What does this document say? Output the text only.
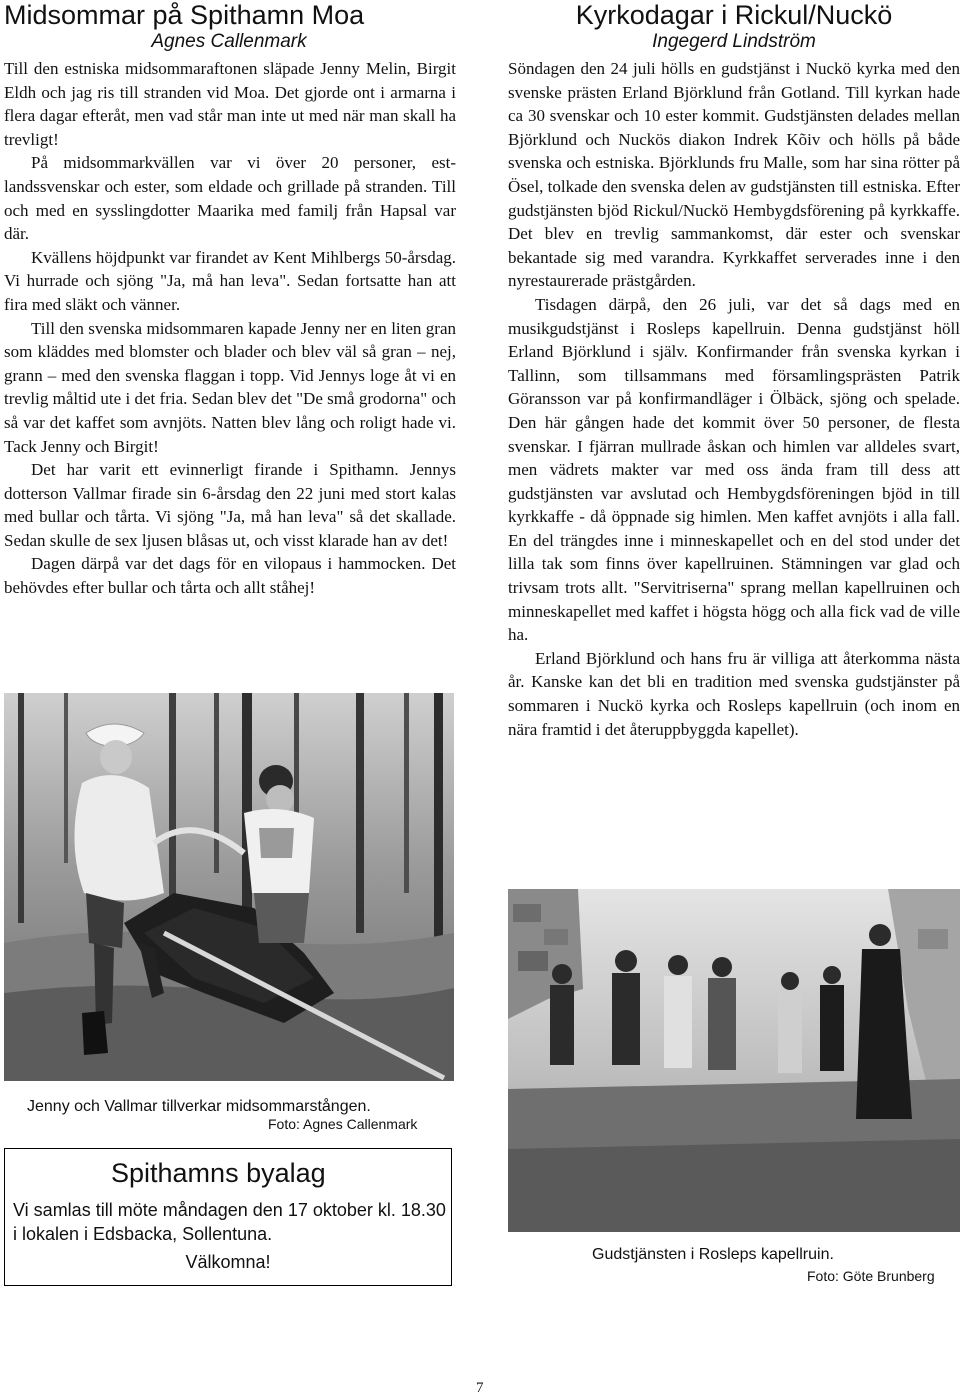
Midsommar på Spithamn Moa

Agnes Callenmark

Till den estniska midsommaraftonen släpade Jenny Melin, Birgit Eldh och jag ris till stranden vid Moa. Det gjorde ont i armarna i flera dagar efteråt, men vad står man inte ut med när man skall ha trevligt!

På midsommarkvällen var vi över 20 personer, estlandssvenskar och ester, som eldade och grillade på stranden. Till och med en sysslingdotter Maarika med familj från Hapsal var där.

Kvällens höjdpunkt var firandet av Kent Mihlbergs 50-årsdag. Vi hurrade och sjöng "Ja, må han leva". Sedan fortsatte han att fira med släkt och vänner.

Till den svenska midsommaren kapade Jenny ner en liten gran som kläddes med blomster och blader och blev väl så gran – nej, grann – med den svenska flaggan i topp. Vid Jennys loge åt vi en trevlig måltid ute i det fria. Sedan blev det "De små grodorna" och så var det kaffet som avnjöts. Natten blev lång och roligt hade vi. Tack Jenny och Birgit!

Det har varit ett evinnerligt firande i Spithamn. Jennys dotterson Vallmar firade sin 6-årsdag den 22 juni med stort kalas med bullar och tårta. Vi sjöng "Ja, må han leva" så det skallade. Sedan skulle de sex ljusen blåsas ut, och visst klarade han av det!

Dagen därpå var det dags för en vilopaus i hammocken. Det behövdes efter bullar och tårta och allt ståhej!

Jenny och Vallmar tillverkar midsommarstången.
Foto: Agnes Callenmark
Spithamns byalag
Vi samlas till möte måndagen den 17 oktober kl. 18.30 i lokalen i Edsbacka, Sollentuna.
Välkomna!
Kyrkodagar i Rickul/Nuckö

Ingegerd Lindström

Söndagen den 24 juli hölls en gudstjänst i Nuckö kyrka med den svenske prästen Erland Björklund från Gotland. Till kyrkan hade ca 30 svenskar och 10 ester kommit. Gudstjänsten delades mellan Björklund och Nuckös diakon Indrek Kõiv och hölls på både svenska och estniska. Björklunds fru Malle, som har sina rötter på Ösel, tolkade den svenska delen av gudstjänsten till estniska. Efter gudstjänsten bjöd Rickul/Nuckö Hembygdsförening på kyrkkaffe. Det blev en trevlig sammankomst, där ester och svenskar bekantade sig med varandra. Kyrkkaffet serverades inne i den nyrestaurerade prästgården.

Tisdagen därpå, den 26 juli, var det så dags med en musikgudstjänst i Rosleps kapellruin. Denna gudstjänst höll Erland Björklund i själv. Konfirmander från svenska kyrkan i Tallinn, som tillsammans med församlingsprästen Patrik Göransson var på konfirmandläger i Ölbäck, sjöng och spelade. Den här gången hade det kommit över 50 personer, de flesta svenskar. I fjärran mullrade åskan och himlen var alldeles svart, men vädrets makter var med oss ända fram till dess att gudstjänsten var avslutad och Hembygdsföreningen bjöd in till kyrkkaffe - då öppnade sig himlen. Men kaffet avnjöts i alla fall. En del trängdes inne i minneskapellet och en del stod under det lilla tak som finns över kapellruinen. Stämningen var glad och trivsam trots allt. "Servitriserna" sprang mellan kapellruinen och minneskapellet med kaffet i högsta högg och alla fick vad de ville ha.

Erland Björklund och hans fru är villiga att återkomma nästa år. Kanske kan det bli en tradition med svenska gudstjänster på sommaren i Nuckö kyrka och Rosleps kapellruin (och inom en nära framtid i det återuppbyggda kapellet).

Gudstjänsten i Rosleps kapellruin.
Foto: Göte Brunberg
7
